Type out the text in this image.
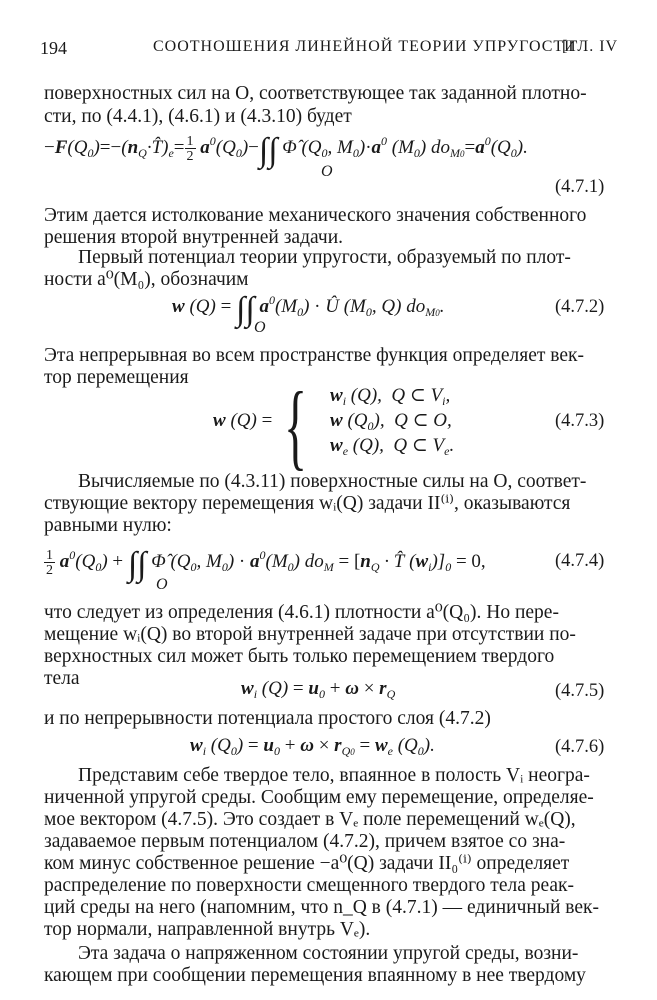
194	СООТНОШЕНИЯ ЛИНЕЙНОЙ ТЕОРИИ УПРУГОСТИ
[ГЛ. IV
поверхностных сил на O, соответствующее так заданной плотно-
сти, по (4.4.1), (4.6.1) и (4.3.10) будет
$-F(Q_0)=-(n_Q\cdot T̂)_e= 1$
2 $a^0(Q_0)-\int\int$ Φ̂ ($Q_0$, $M_0)\cdot a^0$ $(M_0)$ $do_{M0}=a^0(Q_0)$.
O
(4.7.1)
Этим дается истолкование механического значения собственного
решения второй внутренней задачи.
Первый потенциал теории упругости, образуемый по плот-
ности a⁰(M₀), обозначим
w (Q) = ∫∫ $a^0(M_0)$ · Û ($M_0$, Q) $do_{M0}$.
O
(4.7.2)
Эта непрерывная во всем пространстве функция определяет век-
тор перемещения
w (Q) = { $w_i$ (Q),  Q ⊂ $V_i$,
w $(Q_0)$,  Q ⊂ O,
$w_e$ (Q),  Q ⊂ $V_e$.
(4.7.3)
Вычисляемые по (4.3.11) поверхностные силы на O, соответ-
ствующие вектору перемещения wᵢ(Q) задачи II⁽ⁱ⁾, оказываются
равными нулю:
1
2 $a^0(Q_0)$ + ∫∫ Φ̂ ($Q_0$, $M_0) \cdot a^0(M_0)$ $do_M = [n_Q$ · T̂ $(w_i)]_0 = 0$,
O
(4.7.4)
что следует из определения (4.6.1) плотности a⁰(Q₀). Но пере-
мещение wᵢ(Q) во второй внутренней задаче при отсутствии по-
верхностных сил может быть только перемещением твердого
тела	$w_i$ $(Q) = u_0 + \omega \times r_Q$	(4.7.5)
и по непрерывности потенциала простого слоя (4.7.2)
$w_i$ $(Q_0) = u_0 + \omega \times r_{Q0} = w_e$ $(Q_0)$.	(4.7.6)
Представим себе твердое тело, впаянное в полость Vᵢ неогра-
ниченной упругой среды. Сообщим ему перемещение, определяе-
мое вектором (4.7.5). Это создает в Vₑ поле перемещений wₑ(Q),
задаваемое первым потенциалом (4.7.2), причем взятое со зна-
ком минус собственное решение −a⁰(Q) задачи II₀⁽ⁱ⁾ определяет
распределение по поверхности смещенного твердого тела реак-
ций среды на него (напомним, что n_Q в (4.7.1) — единичный век-
тор нормали, направленной внутрь Vₑ).
Эта задача о напряженном состоянии упругой среды, возни-
кающем при сообщении перемещения впаянному в нее твердому
